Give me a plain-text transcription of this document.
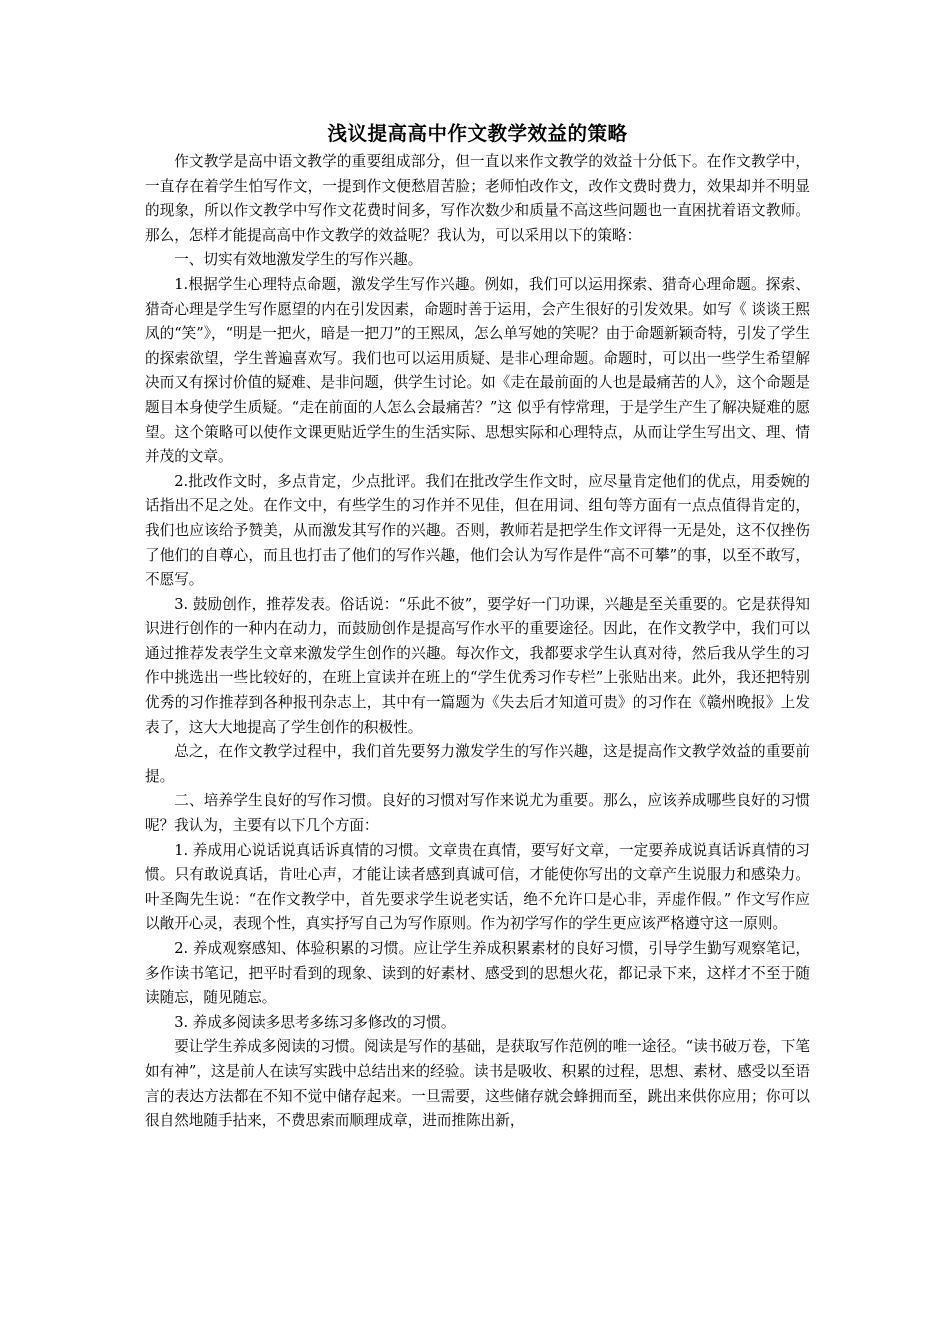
浅议提高高中作文教学效益的策略

作文教学是高中语文教学的重要组成部分，但一直以来作文教学的效益十分低下。在作文教学中，一直存在着学生怕写作文，一提到作文便愁眉苦脸；老师怕改作文，改作文费时费力，效果却并不明显的现象，所以作文教学中写作文花费时间多，写作次数少和质量不高这些问题也一直困扰着语文教师。那么，怎样才能提高高中作文教学的效益呢？我认为，可以采用以下的策略：

一、切实有效地激发学生的写作兴趣。

1.根据学生心理特点命题，激发学生写作兴趣。例如，我们可以运用探索、猎奇心理命题。探索、猎奇心理是学生写作愿望的内在引发因素，命题时善于运用，会产生很好的引发效果。如写《 谈谈王熙凤的“笑”》，“明是一把火，暗是一把刀”的王熙凤，怎么单写她的笑呢？由于命题新颖奇特，引发了学生的探索欲望，学生普遍喜欢写。我们也可以运用质疑、是非心理命题。命题时，可以出一些学生希望解决而又有探讨价值的疑难、是非问题，供学生讨论。如《走在最前面的人也是最痛苦的人》，这个命题是题目本身使学生质疑。“走在前面的人怎么会最痛苦？”这 似乎有悖常理，于是学生产生了解决疑难的愿望。这个策略可以使作文课更贴近学生的生活实际、思想实际和心理特点，从而让学生写出文、理、情并茂的文章。

2.批改作文时，多点肯定，少点批评。我们在批改学生作文时，应尽量肯定他们的优点，用委婉的话指出不足之处。在作文中，有些学生的习作并不见佳，但在用词、组句等方面有一点点值得肯定的，我们也应该给予赞美，从而激发其写作的兴趣。否则，教师若是把学生作文评得一无是处，这不仅挫伤了他们的自尊心，而且也打击了他们的写作兴趣，他们会认为写作是件“高不可攀”的事，以至不敢写，不愿写。

3. 鼓励创作，推荐发表。俗话说：“乐此不彼”，要学好一门功课，兴趣是至关重要的。它是获得知识进行创作的一种内在动力，而鼓励创作是提高写作水平的重要途径。因此，在作文教学中，我们可以通过推荐发表学生文章来激发学生创作的兴趣。每次作文，我都要求学生认真对待，然后我从学生的习作中挑选出一些比较好的，在班上宣读并在班上的“学生优秀习作专栏”上张贴出来。此外，我还把特别优秀的习作推荐到各种报刊杂志上，其中有一篇题为《失去后才知道可贵》的习作在《赣州晚报》上发表了，这大大地提高了学生创作的积极性。

总之，在作文教学过程中，我们首先要努力激发学生的写作兴趣，这是提高作文教学效益的重要前提。

二、培养学生良好的写作习惯。良好的习惯对写作来说尤为重要。那么，应该养成哪些良好的习惯呢？我认为，主要有以下几个方面：

1. 养成用心说话说真话诉真情的习惯。文章贵在真情，要写好文章，一定要养成说真话诉真情的习惯。只有敢说真话，肯吐心声，才能让读者感到真诚可信，才能使你写出的文章产生说服力和感染力。叶圣陶先生说：“在作文教学中，首先要求学生说老实话，绝不允许口是心非，弄虚作假。” 作文写作应以敞开心灵，表现个性，真实抒写自己为写作原则。作为初学写作的学生更应该严格遵守这一原则。

2. 养成观察感知、体验积累的习惯。应让学生养成积累素材的良好习惯，引导学生勤写观察笔记，多作读书笔记，把平时看到的现象、读到的好素材、感受到的思想火花，都记录下来，这样才不至于随读随忘，随见随忘。

3. 养成多阅读多思考多练习多修改的习惯。

要让学生养成多阅读的习惯。阅读是写作的基础，是获取写作范例的唯一途径。“读书破万卷，下笔如有神”，这是前人在读写实践中总结出来的经验。读书是吸收、积累的过程，思想、素材、感受以至语言的表达方法都在不知不觉中储存起来。一旦需要，这些储存就会蜂拥而至，跳出来供你应用；你可以很自然地随手拈来，不费思索而顺理成章，进而推陈出新，
